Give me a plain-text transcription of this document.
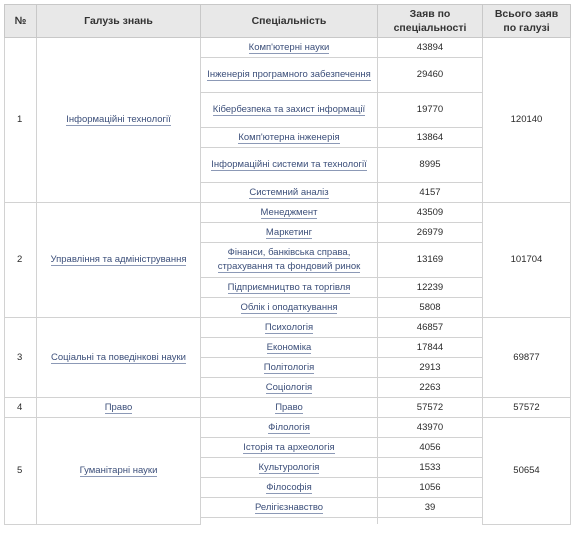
№	Галузь знань	Спеціальність	Заяв по спеціальності	Всього заяв по галузі
1	Інформаційні технології	Комп'ютерні науки	43894	120140
		Інженерія програмного забезпечення	29460	
		Кібербезпека та захист інформації	19770	
		Комп'ютерна інженерія	13864	
		Інформаційні системи та технології	8995	
		Системний аналіз	4157	
2	Управління та адміністрування	Менеджмент	43509	101704
		Маркетинг	26979	
		Фінанси, банківська справа, страхування та фондовий ринок	13169	
		Підприємництво та торгівля	12239	
		Облік і оподаткування	5808	
3	Соціальні та поведінкові науки	Психологія	46857	69877
		Економіка	17844	
		Політологія	2913	
		Соціологія	2263	
4	Право	Право	57572	57572
5	Гуманітарні науки	Філологія	43970	50654
		Історія та археологія	4056	
		Культурологія	1533	
		Філософія	1056	
		Релігієзнавство	39	
